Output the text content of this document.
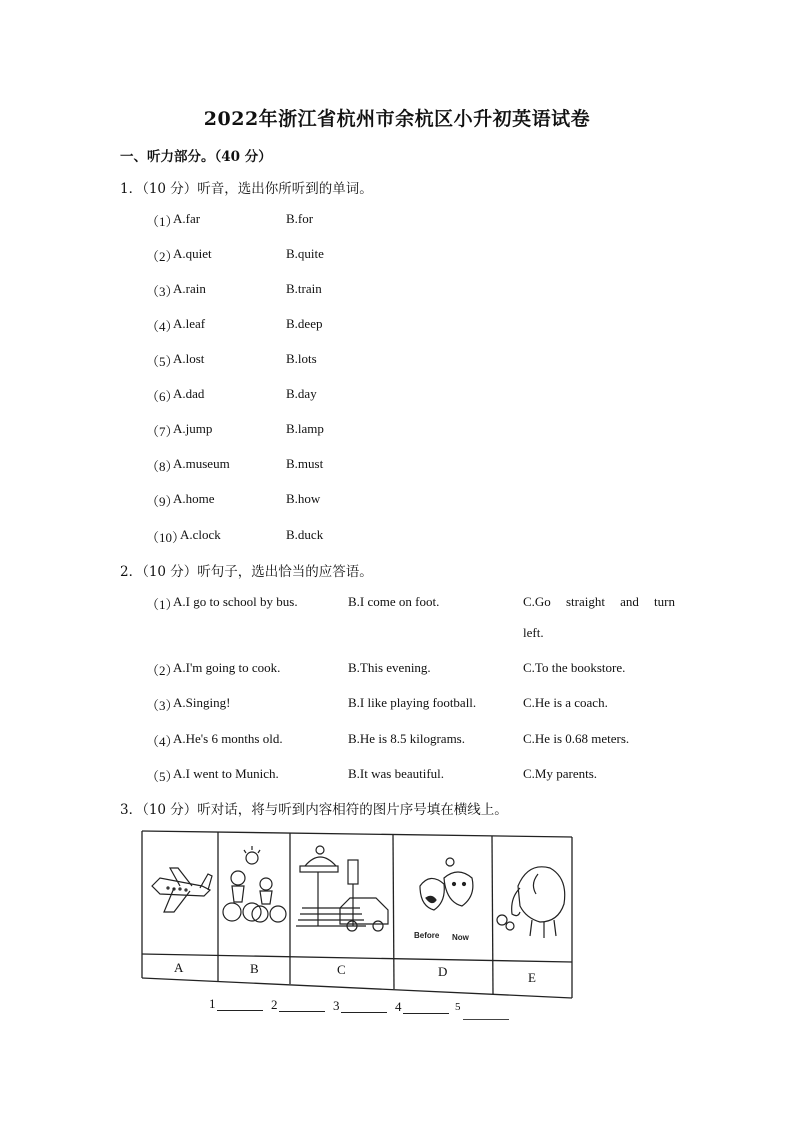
2022年浙江省杭州市余杭区小升初英语试卷
一、听力部分。（40 分）
1．（10 分）听音，选出你所听到的单词。
（1）
A.far	B.for
（2）
A.quiet	B.quite
（3）
A.rain	B.train
（4）
A.leaf	B.deep
（5）
A.lost	B.lots
（6）
A.dad	B.day
（7）
A.jump	B.lamp
（8）
A.museum	B.must
（9）
A.home	B.how
（10）
A.clock	B.duck
2．（10 分）听句子，选出恰当的应答语。
（1）
A.I go to school by bus.	B.I come on foot.	C.Go straight and turn
left.
（2）
A.I'm going to cook.	B.This evening.	C.To the bookstore.
（3）
A.Singing!	B.I like playing football.	C.He is a coach.
（4）
A.He's 6 months old.	B.He is 8.5 kilograms.	C.He is 0.68 meters.
（5）
A.I went to Munich.	B.It was beautiful.	C.My parents.
3．（10 分）听对话，将与听到内容相符的图片序号填在横线上。
Before Now
A	B	C	D	E
1	2	3	4	5
